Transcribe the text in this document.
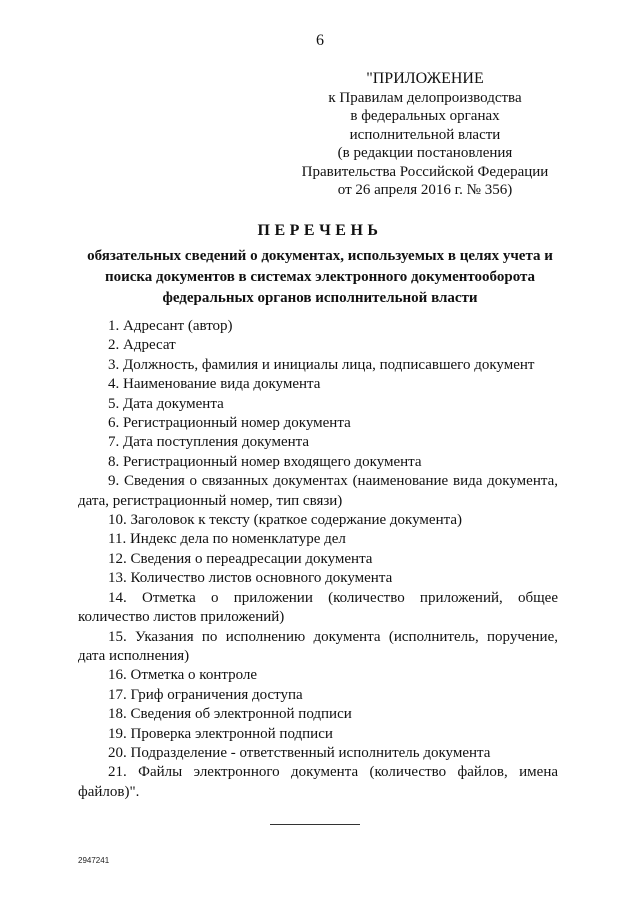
6
"ПРИЛОЖЕНИЕ
к Правилам делопроизводства
в федеральных органах
исполнительной власти
(в редакции постановления
Правительства Российской Федерации
от 26 апреля 2016 г. № 356)
ПЕРЕЧЕНЬ
обязательных сведений о документах, используемых в целях учета и поиска документов в системах электронного документооборота федеральных органов исполнительной власти
1. Адресант (автор)
2. Адресат
3. Должность, фамилия и инициалы лица, подписавшего документ
4. Наименование вида документа
5. Дата документа
6. Регистрационный номер документа
7. Дата поступления документа
8. Регистрационный номер входящего документа
9. Сведения о связанных документах (наименование вида документа, дата, регистрационный номер, тип связи)
10. Заголовок к тексту (краткое содержание документа)
11. Индекс дела по номенклатуре дел
12. Сведения о переадресации документа
13. Количество листов основного документа
14. Отметка о приложении (количество приложений, общее количество листов приложений)
15. Указания по исполнению документа (исполнитель, поручение, дата исполнения)
16. Отметка о контроле
17. Гриф ограничения доступа
18. Сведения об электронной подписи
19. Проверка электронной подписи
20. Подразделение - ответственный исполнитель документа
21. Файлы электронного документа (количество файлов, имена файлов)".
2947241
